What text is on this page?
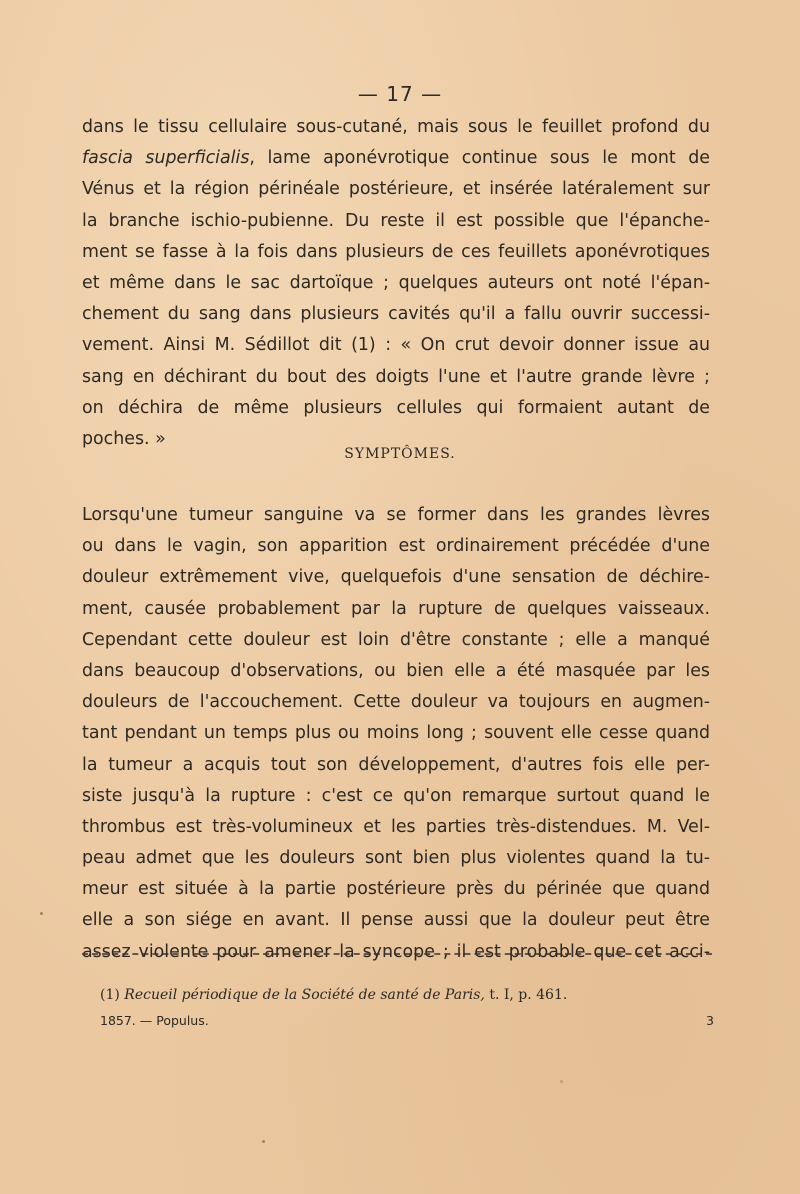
— 17 —
dans le tissu cellulaire sous-cutané, mais sous le feuillet profond du
fascia superficialis, lame aponévrotique continue sous le mont de
Vénus et la région périnéale postérieure, et insérée latéralement sur
la branche ischio-pubienne. Du reste il est possible que l'épanche-
ment se fasse à la fois dans plusieurs de ces feuillets aponévrotiques
et même dans le sac dartoïque ; quelques auteurs ont noté l'épan-
chement du sang dans plusieurs cavités qu'il a fallu ouvrir successi-
vement. Ainsi M. Sédillot dit (1) : « On crut devoir donner issue au
sang en déchirant du bout des doigts l'une et l'autre grande lèvre ;
on déchira de même plusieurs cellules qui formaient autant de
poches. »
SYMPTÔMES.
Lorsqu'une tumeur sanguine va se former dans les grandes lèvres
ou dans le vagin, son apparition est ordinairement précédée d'une
douleur extrêmement vive, quelquefois d'une sensation de déchire-
ment, causée probablement par la rupture de quelques vaisseaux.
Cependant cette douleur est loin d'être constante ; elle a manqué
dans beaucoup d'observations, ou bien elle a été masquée par les
douleurs de l'accouchement. Cette douleur va toujours en augmen-
tant pendant un temps plus ou moins long ; souvent elle cesse quand
la tumeur a acquis tout son développement, d'autres fois elle per-
siste jusqu'à la rupture : c'est ce qu'on remarque surtout quand le
thrombus est très-volumineux et les parties très-distendues. M. Vel-
peau admet que les douleurs sont bien plus violentes quand la tu-
meur est située à la partie postérieure près du périnée que quand
elle a son siége en avant. Il pense aussi que la douleur peut être
assez violente pour amener la syncope ; il est probable que cet acci-
(1) Recueil périodique de la Société de santé de Paris, t. I, p. 461.
1857. — Populus.	3
